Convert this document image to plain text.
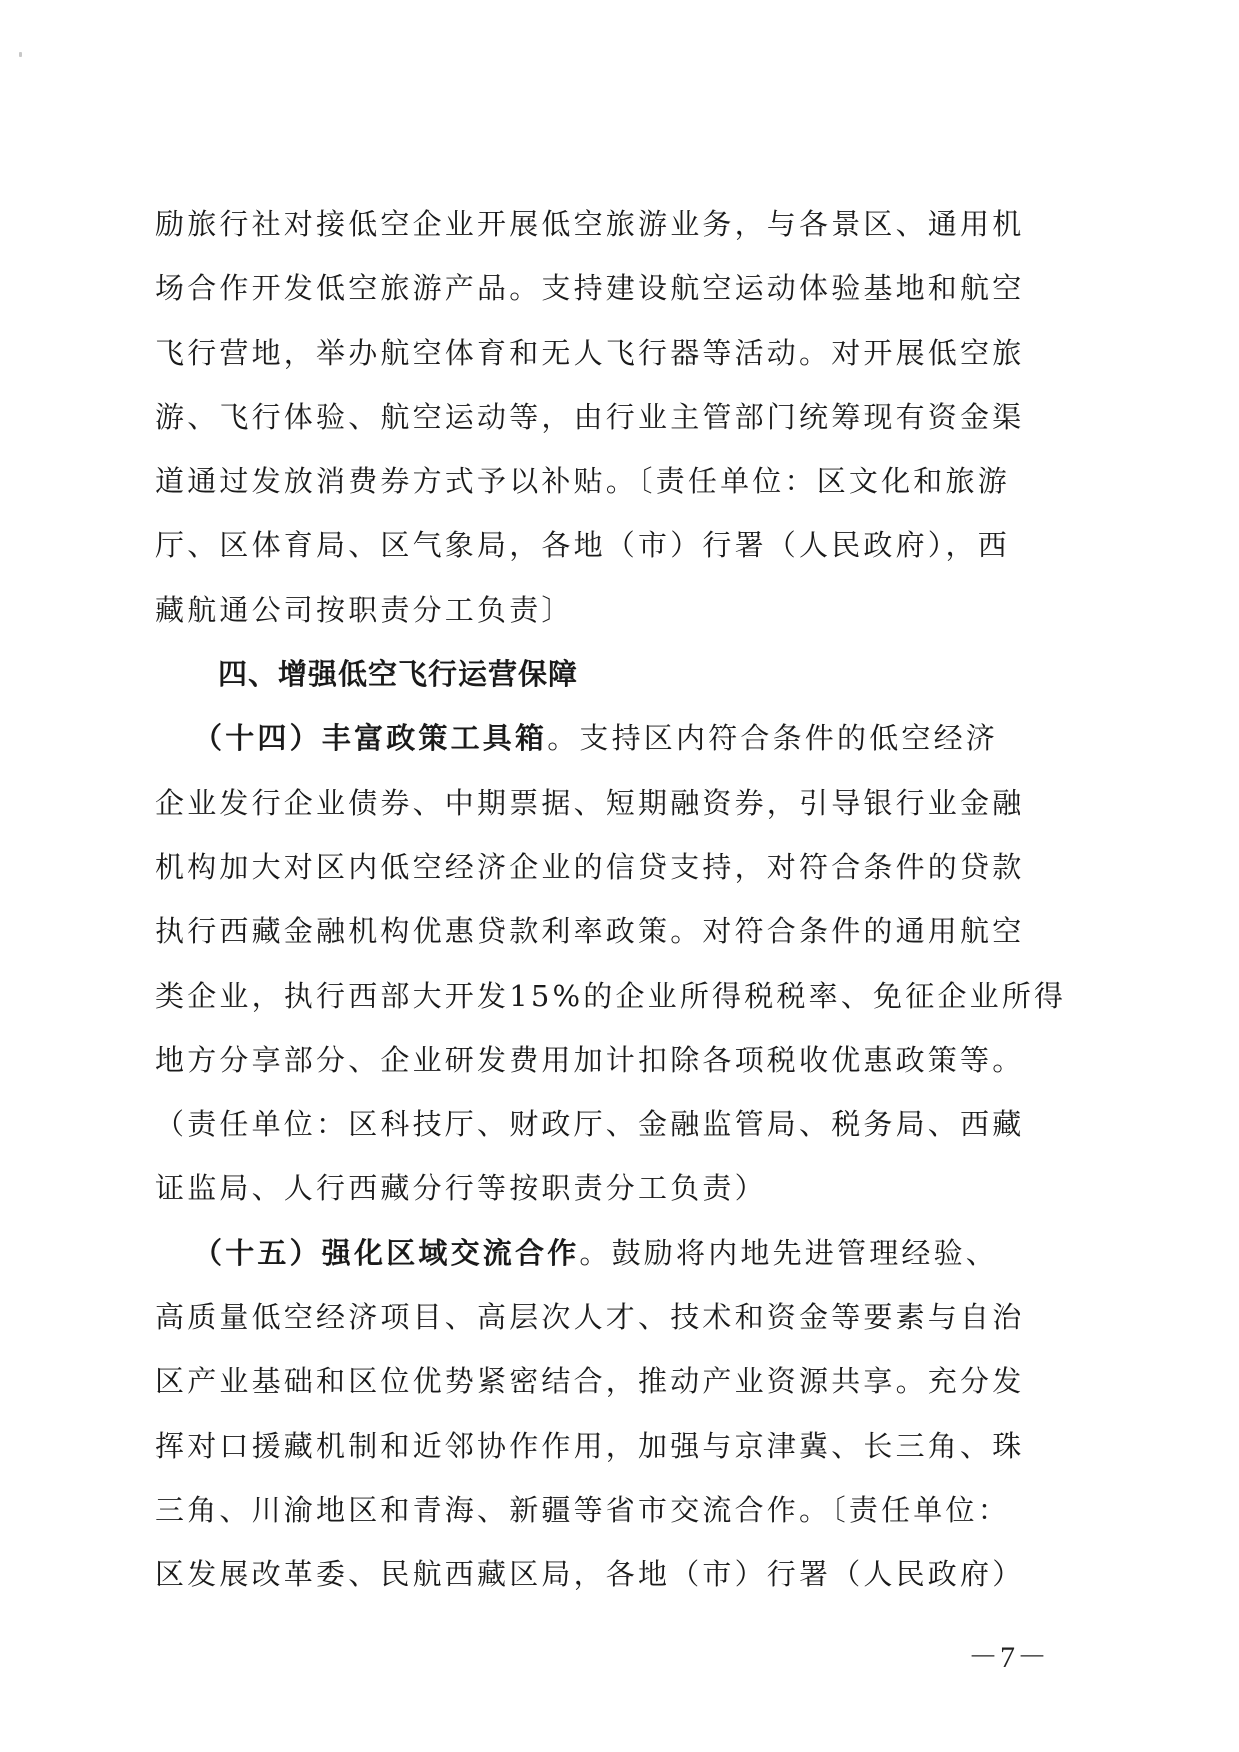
励旅行社对接低空企业开展低空旅游业务，与各景区、通用机
场合作开发低空旅游产品。支持建设航空运动体验基地和航空
飞行营地，举办航空体育和无人飞行器等活动。对开展低空旅
游、飞行体验、航空运动等，由行业主管部门统筹现有资金渠
道通过发放消费券方式予以补贴。〔责任单位：区文化和旅游
厅、区体育局、区气象局，各地（市）行署（人民政府），西
藏航通公司按职责分工负责〕
四、增强低空飞行运营保障
（十四）丰富政策工具箱。支持区内符合条件的低空经济
企业发行企业债券、中期票据、短期融资券，引导银行业金融
机构加大对区内低空经济企业的信贷支持，对符合条件的贷款
执行西藏金融机构优惠贷款利率政策。对符合条件的通用航空
类企业，执行西部大开发15%的企业所得税税率、免征企业所得
地方分享部分、企业研发费用加计扣除各项税收优惠政策等。
（责任单位：区科技厅、财政厅、金融监管局、税务局、西藏
证监局、人行西藏分行等按职责分工负责）
（十五）强化区域交流合作。鼓励将内地先进管理经验、
高质量低空经济项目、高层次人才、技术和资金等要素与自治
区产业基础和区位优势紧密结合，推动产业资源共享。充分发
挥对口援藏机制和近邻协作作用，加强与京津冀、长三角、珠
三角、川渝地区和青海、新疆等省市交流合作。〔责任单位：
区发展改革委、民航西藏区局，各地（市）行署（人民政府）
－7－
